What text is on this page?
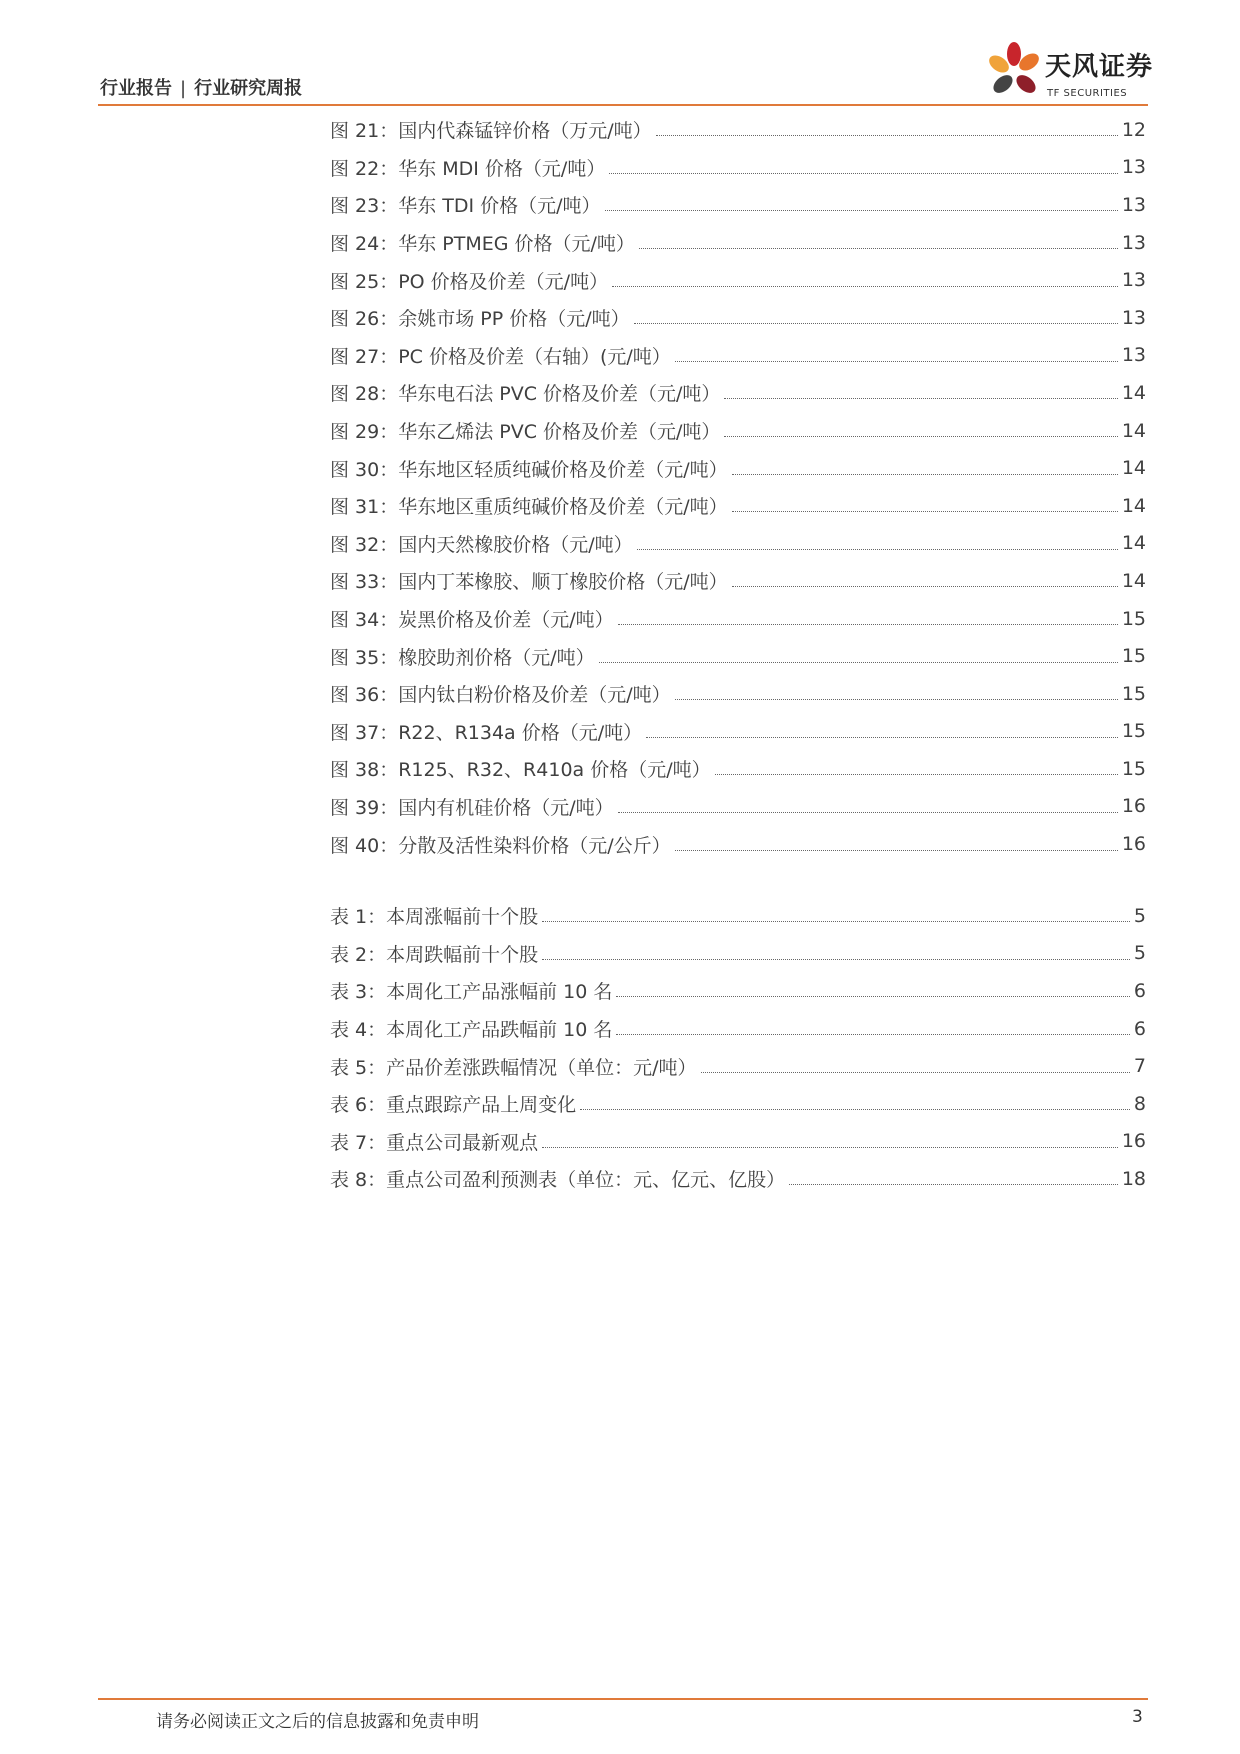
行业报告 | 行业研究周报
天风证券
TF SECURITIES
图 21：国内代森锰锌价格（万元/吨）	12
图 22：华东 MDI 价格（元/吨）	13
图 23：华东 TDI 价格（元/吨）	13
图 24：华东 PTMEG 价格（元/吨）	13
图 25：PO 价格及价差（元/吨）	13
图 26：余姚市场 PP 价格（元/吨）	13
图 27：PC 价格及价差（右轴）(元/吨）	13
图 28：华东电石法 PVC 价格及价差（元/吨）	14
图 29：华东乙烯法 PVC 价格及价差（元/吨）	14
图 30：华东地区轻质纯碱价格及价差（元/吨）	14
图 31：华东地区重质纯碱价格及价差（元/吨）	14
图 32：国内天然橡胶价格（元/吨）	14
图 33：国内丁苯橡胶、顺丁橡胶价格（元/吨）	14
图 34：炭黑价格及价差（元/吨）	15
图 35：橡胶助剂价格（元/吨）	15
图 36：国内钛白粉价格及价差（元/吨）	15
图 37：R22、R134a 价格（元/吨）	15
图 38：R125、R32、R410a 价格（元/吨）	15
图 39：国内有机硅价格（元/吨）	16
图 40：分散及活性染料价格（元/公斤）	16
表 1：本周涨幅前十个股	5
表 2：本周跌幅前十个股	5
表 3：本周化工产品涨幅前 10 名	6
表 4：本周化工产品跌幅前 10 名	6
表 5：产品价差涨跌幅情况（单位：元/吨）	7
表 6：重点跟踪产品上周变化	8
表 7：重点公司最新观点	16
表 8：重点公司盈利预测表（单位：元、亿元、亿股）	18
请务必阅读正文之后的信息披露和免责申明	3
